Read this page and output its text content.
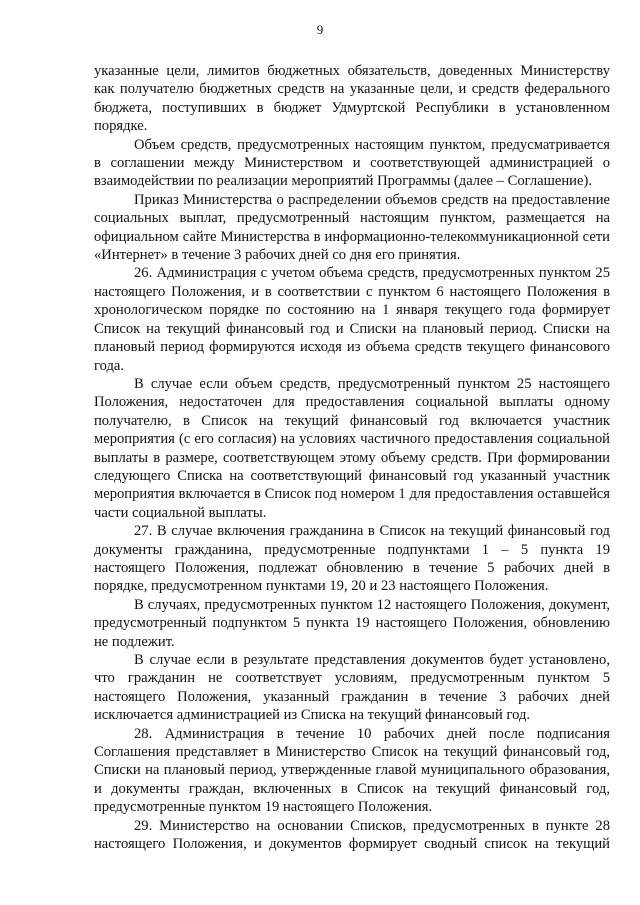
9

указанные цели, лимитов бюджетных обязательств, доведенных Министерству как получателю бюджетных средств на указанные цели, и средств федерального бюджета, поступивших в бюджет Удмуртской Республики в установленном порядке.

Объем средств, предусмотренных настоящим пунктом, предусматривается в соглашении между Министерством и соответствующей администрацией о взаимодействии по реализации мероприятий Программы (далее – Соглашение).

Приказ Министерства о распределении объемов средств на предоставление социальных выплат, предусмотренный настоящим пунктом, размещается на официальном сайте Министерства в информационно-телекоммуникационной сети «Интернет» в течение 3 рабочих дней со дня его принятия.

26. Администрация с учетом объема средств, предусмотренных пунктом 25 настоящего Положения, и в соответствии с пунктом 6 настоящего Положения в хронологическом порядке по состоянию на 1 января текущего года формирует Список на текущий финансовый год и Списки на плановый период. Списки на плановый период формируются исходя из объема средств текущего финансового года.

В случае если объем средств, предусмотренный пунктом 25 настоящего Положения, недостаточен для предоставления социальной выплаты одному получателю, в Список на текущий финансовый год включается участник мероприятия (с его согласия) на условиях частичного предоставления социальной выплаты в размере, соответствующем этому объему средств. При формировании следующего Списка на соответствующий финансовый год указанный участник мероприятия включается в Список под номером 1 для предоставления оставшейся части социальной выплаты.

27. В случае включения гражданина в Список на текущий финансовый год документы гражданина, предусмотренные подпунктами 1 – 5 пункта 19 настоящего Положения, подлежат обновлению в течение 5 рабочих дней в порядке, предусмотренном пунктами 19, 20 и 23 настоящего Положения.

В случаях, предусмотренных пунктом 12 настоящего Положения, документ, предусмотренный подпунктом 5 пункта 19 настоящего Положения, обновлению не подлежит.

В случае если в результате представления документов будет установлено, что гражданин не соответствует условиям, предусмотренным пунктом 5 настоящего Положения, указанный гражданин в течение 3 рабочих дней исключается администрацией из Списка на текущий финансовый год.

28. Администрация в течение 10 рабочих дней после подписания Соглашения представляет в Министерство Список на текущий финансовый год, Списки на плановый период, утвержденные главой муниципального образования, и документы граждан, включенных в Список на текущий финансовый год, предусмотренные пунктом 19 настоящего Положения.

29. Министерство на основании Списков, предусмотренных в пункте 28 настоящего Положения, и документов формирует сводный список на текущий
